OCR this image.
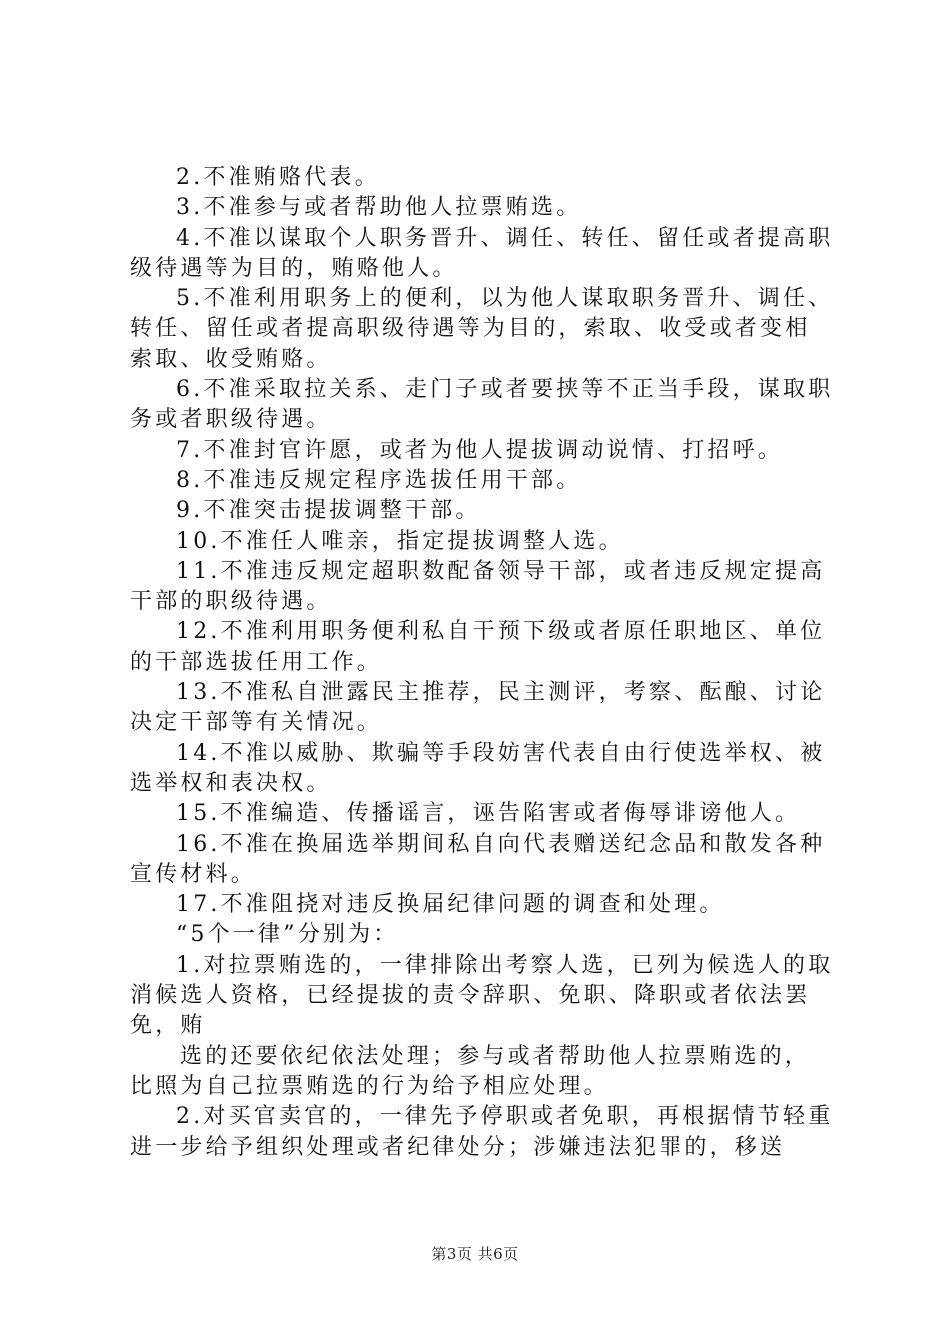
2.不准贿赂代表。

3.不准参与或者帮助他人拉票贿选。

4.不准以谋取个人职务晋升、调任、转任、留任或者提高职级待遇等为目的，贿赂他人。

5.不准利用职务上的便利，以为他人谋取职务晋升、调任、转任、留任或者提高职级待遇等为目的，索取、收受或者变相索取、收受贿赂。

6.不准采取拉关系、走门子或者要挟等不正当手段，谋取职务或者职级待遇。

7.不准封官许愿，或者为他人提拔调动说情、打招呼。

8.不准违反规定程序选拔任用干部。

9.不准突击提拔调整干部。

10.不准任人唯亲，指定提拔调整人选。

11.不准违反规定超职数配备领导干部，或者违反规定提高干部的职级待遇。

12.不准利用职务便利私自干预下级或者原任职地区、单位的干部选拔任用工作。

13.不准私自泄露民主推荐，民主测评，考察、酝酿、讨论决定干部等有关情况。

14.不准以威胁、欺骗等手段妨害代表自由行使选举权、被选举权和表决权。

15.不准编造、传播谣言，诬告陷害或者侮辱诽谤他人。

16.不准在换届选举期间私自向代表赠送纪念品和散发各种宣传材料。

17.不准阻挠对违反换届纪律问题的调查和处理。

“5个一律”分别为：

1.对拉票贿选的，一律排除出考察人选，已列为候选人的取消候选人资格，已经提拔的责令辞职、免职、降职或者依法罢免，贿

选的还要依纪依法处理；参与或者帮助他人拉票贿选的，比照为自己拉票贿选的行为给予相应处理。

2.对买官卖官的，一律先予停职或者免职，再根据情节轻重进一步给予组织处理或者纪律处分；涉嫌违法犯罪的，移送

第3页 共6页
